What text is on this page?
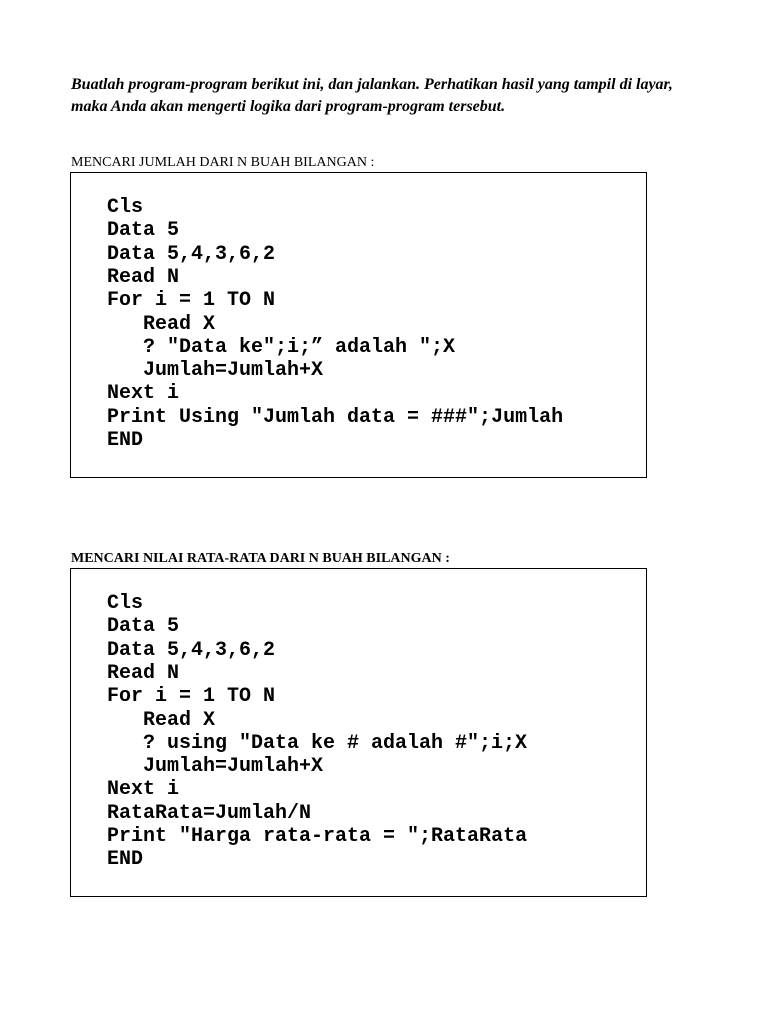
Buatlah program-program berikut ini, dan jalankan. Perhatikan hasil yang tampil di layar, maka Anda akan mengerti logika dari program-program tersebut.

MENCARI JUMLAH DARI N BUAH BILANGAN :

Cls
Data 5
Data 5,4,3,6,2
Read N
For i = 1 TO N
Read X
? "Data ke";i;” adalah ";X
Jumlah=Jumlah+X
Next i
Print Using "Jumlah data = ###";Jumlah
END

MENCARI NILAI RATA-RATA DARI N BUAH BILANGAN :

Cls
Data 5
Data 5,4,3,6,2
Read N
For i = 1 TO N
Read X
? using "Data ke # adalah #";i;X
Jumlah=Jumlah+X
Next i
RataRata=Jumlah/N
Print "Harga rata-rata = ";RataRata
END
